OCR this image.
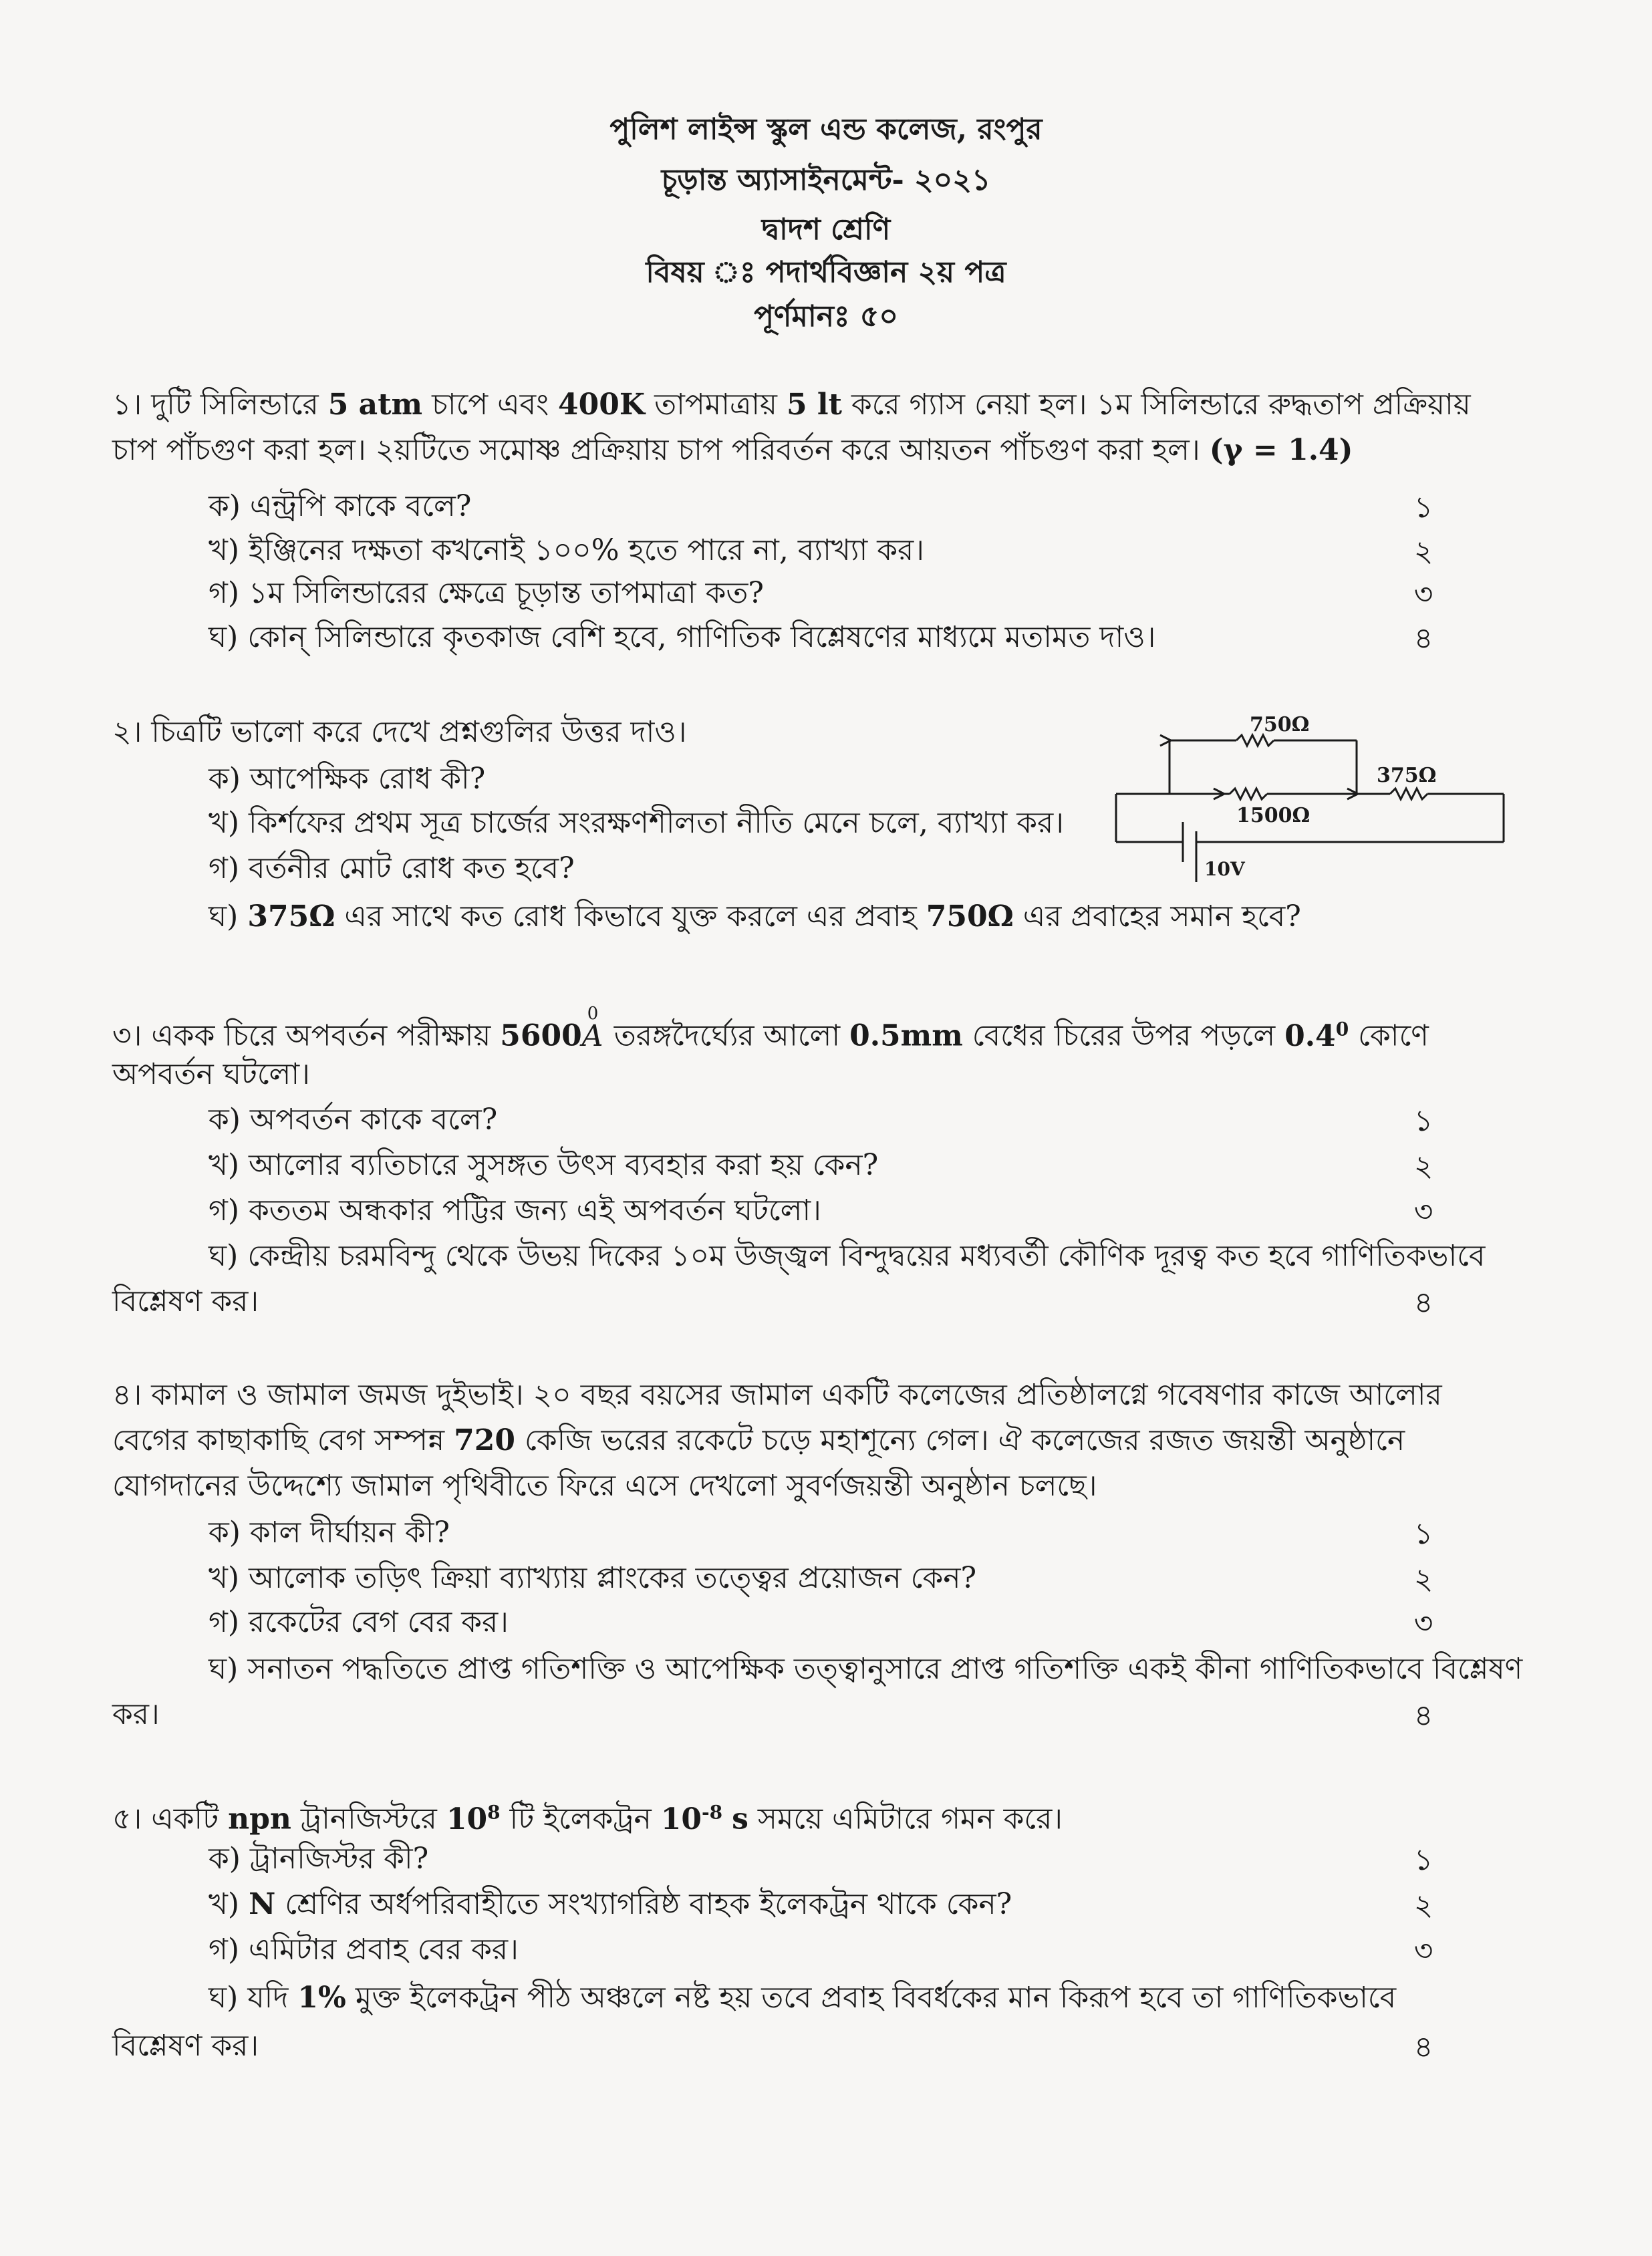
পুলিশ লাইন্স স্কুল এন্ড কলেজ, রংপুর
চূড়ান্ত অ্যাসাইনমেন্ট- ২০২১
দ্বাদশ শ্রেণি
বিষয় ঃ পদার্থবিজ্ঞান ২য় পত্র
পূর্ণমানঃ ৫০
১। দুটি সিলিন্ডারে 5 atm চাপে এবং 400K তাপমাত্রায় 5 lt করে গ্যাস নেয়া হল। ১ম সিলিন্ডারে রুদ্ধতাপ প্রক্রিয়ায় চাপ পাঁচগুণ করা হল। ২য়টিতে সমোষ্ণ প্রক্রিয়ায় চাপ পরিবর্তন করে আয়তন পাঁচগুণ করা হল। (γ = 1.4)
ক) এন্ট্রপি কাকে বলে?	১
খ) ইঞ্জিনের দক্ষতা কখনোই ১০০% হতে পারে না, ব্যাখ্যা কর।	২
গ) ১ম সিলিন্ডারের ক্ষেত্রে চূড়ান্ত তাপমাত্রা কত?	৩
ঘ) কোন্ সিলিন্ডারে কৃতকাজ বেশি হবে, গাণিতিক বিশ্লেষণের মাধ্যমে মতামত দাও।	৪
২। চিত্রটি ভালো করে দেখে প্রশ্নগুলির উত্তর দাও।
ক) আপেক্ষিক রোধ কী?
খ) কির্শফের প্রথম সূত্র চার্জের সংরক্ষণশীলতা নীতি মেনে চলে, ব্যাখ্যা কর।
গ) বর্তনীর মোট রোধ কত হবে?
ঘ) 375Ω এর সাথে কত রোধ কিভাবে যুক্ত করলে এর প্রবাহ 750Ω এর প্রবাহের সমান হবে?
750Ω
1500Ω
375Ω
10V
৩। একক চিরে অপবর্তন পরীক্ষায় 5600
0
A তরঙ্গদৈর্ঘ্যের আলো 0.5mm বেধের চিরের উপর পড়লে $0.4^0$ কোণে
অপবর্তন ঘটলো।
ক) অপবর্তন কাকে বলে?	১
খ) আলোর ব্যতিচারে সুসঙ্গত উৎস ব্যবহার করা হয় কেন?	২
গ) কততম অন্ধকার পট্টির জন্য এই অপবর্তন ঘটলো।	৩
ঘ) কেন্দ্রীয় চরমবিন্দু থেকে উভয় দিকের ১০ম উজ্জ্বল বিন্দুদ্বয়ের মধ্যবর্তী কৌণিক দূরত্ব কত হবে গাণিতিকভাবে
বিশ্লেষণ কর।	৪
৪। কামাল ও জামাল জমজ দুইভাই। ২০ বছর বয়সের জামাল একটি কলেজের প্রতিষ্ঠালগ্নে গবেষণার কাজে আলোর
বেগের কাছাকাছি বেগ সম্পন্ন 720 কেজি ভরের রকেটে চড়ে মহাশূন্যে গেল। ঐ কলেজের রজত জয়ন্তী অনুষ্ঠানে
যোগদানের উদ্দেশ্যে জামাল পৃথিবীতে ফিরে এসে দেখলো সুবর্ণজয়ন্তী অনুষ্ঠান চলছে।
ক) কাল দীর্ঘায়ন কী?	১
খ) আলোক তড়িৎ ক্রিয়া ব্যাখ্যায় প্লাংকের তত্ত্বের প্রয়োজন কেন?	২
গ) রকেটের বেগ বের কর।	৩
ঘ) সনাতন পদ্ধতিতে প্রাপ্ত গতিশক্তি ও আপেক্ষিক তত্ত্বানুসারে প্রাপ্ত গতিশক্তি একই কীনা গাণিতিকভাবে বিশ্লেষণ
কর।	৪
৫। একটি npn ট্রানজিস্টরে $10^8$ টি ইলেকট্রন $10^{-8}$ s সময়ে এমিটারে গমন করে।
ক) ট্রানজিস্টর কী?	১
খ) N শ্রেণির অর্ধপরিবাহীতে সংখ্যাগরিষ্ঠ বাহক ইলেকট্রন থাকে কেন?	২
গ) এমিটার প্রবাহ বের কর।	৩
ঘ) যদি 1% মুক্ত ইলেকট্রন পীঠ অঞ্চলে নষ্ট হয় তবে প্রবাহ বিবর্ধকের মান কিরূপ হবে তা গাণিতিকভাবে
বিশ্লেষণ কর।	৪
